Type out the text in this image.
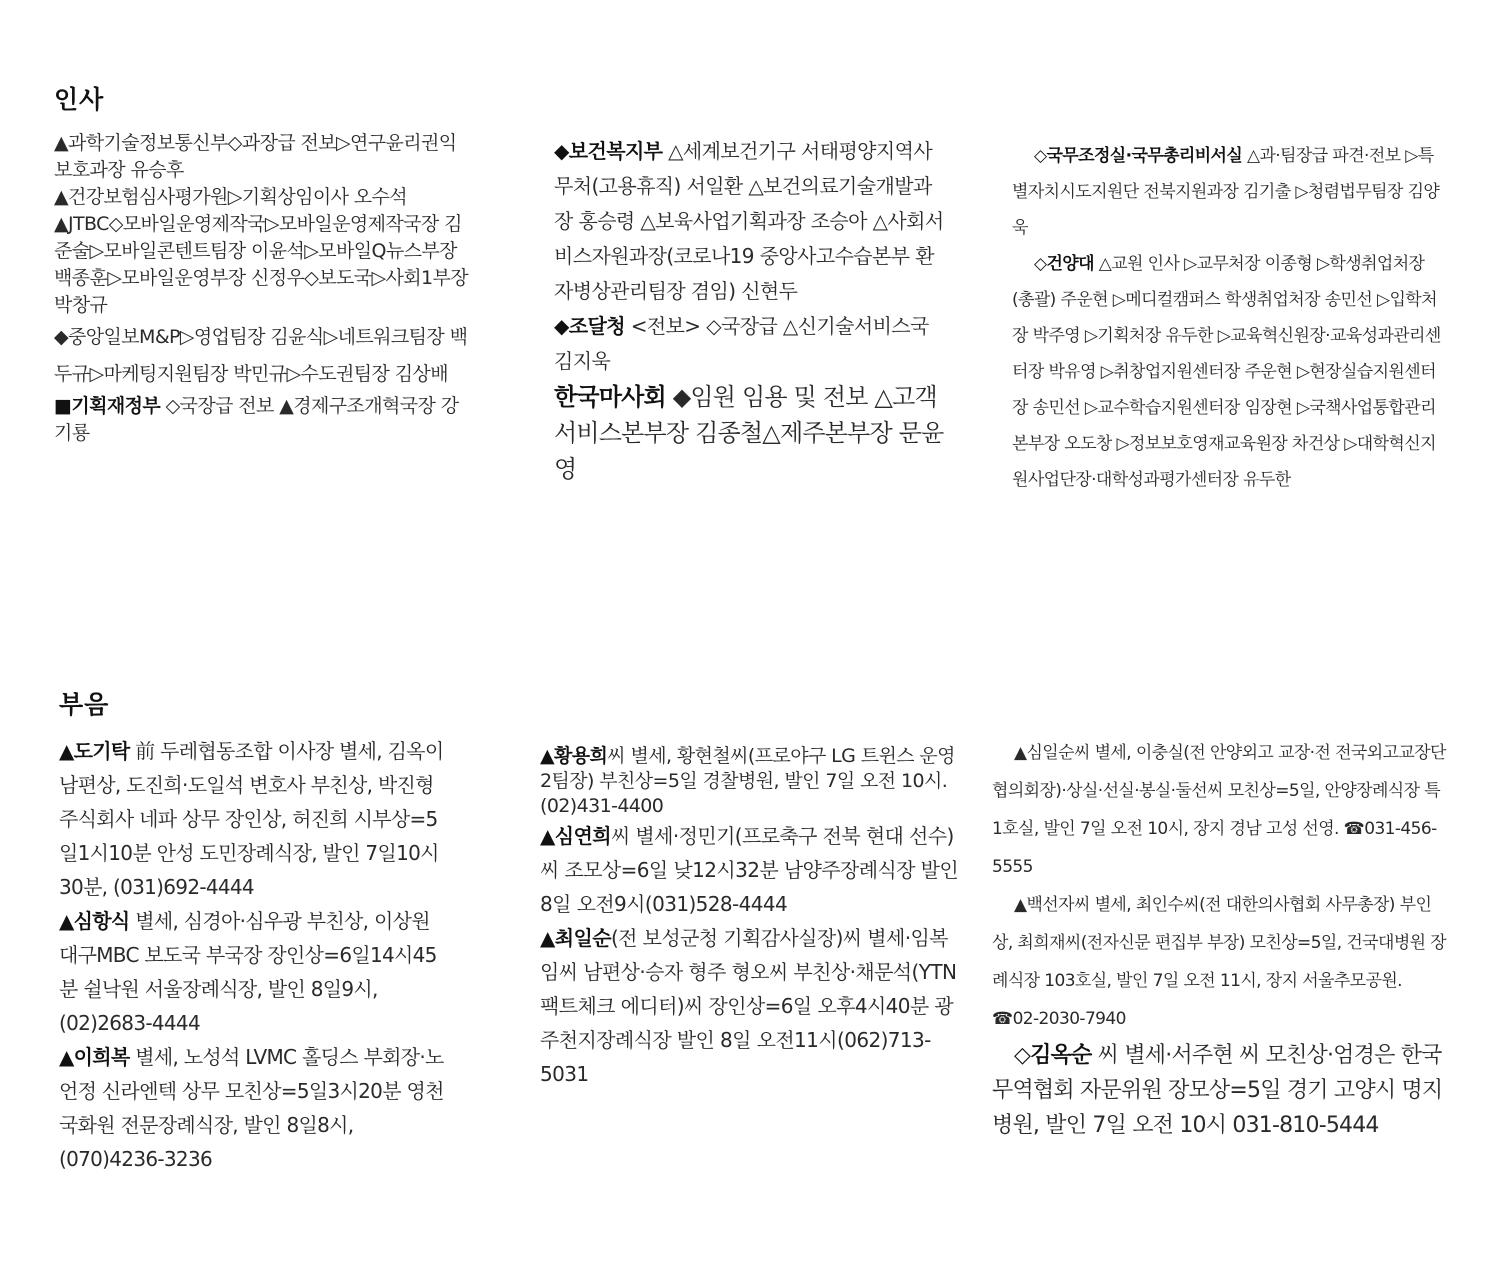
인사

▲과학기술정보통신부◇과장급 전보▷연구윤리권익보호과장 유승후

▲건강보험심사평가원▷기획상임이사 오수석

▲JTBC◇모바일운영제작국▷모바일운영제작국장 김준술▷모바일콘텐트팀장 이윤석▷모바일Q뉴스부장 백종훈▷모바일운영부장 신정우◇보도국▷사회1부장 박창규

◆중앙일보M&P▷영업팀장 김윤식▷네트워크팀장 백두규▷마케팅지원팀장 박민규▷수도권팀장 김상배

■기획재정부 ◇국장급 전보 ▲경제구조개혁국장 강기룡

◆보건복지부 △세계보건기구 서태평양지역사무처(고용휴직) 서일환 △보건의료기술개발과장 홍승령 △보육사업기획과장 조승아 △사회서비스자원과장(코로나19 중앙사고수습본부 환자병상관리팀장 겸임) 신현두

◆조달청 <전보> ◇국장급 △신기술서비스국 김지욱

한국마사회 ◆임원 임용 및 전보 △고객서비스본부장 김종철△제주본부장 문윤영

◇국무조정실·국무총리비서실 △과·팀장급 파견·전보 ▷특별자치시도지원단 전북지원과장 김기출 ▷청렴법무팀장 김양욱

◇건양대 △교원 인사 ▷교무처장 이종형 ▷학생취업처장(총괄) 주운현 ▷메디컬캠퍼스 학생취업처장 송민선 ▷입학처장 박주영 ▷기획처장 유두한 ▷교육혁신원장·교육성과관리센터장 박유영 ▷취창업지원센터장 주운현 ▷현장실습지원센터장 송민선 ▷교수학습지원센터장 임장현 ▷국책사업통합관리본부장 오도창 ▷정보보호영재교육원장 차건상 ▷대학혁신지원사업단장·대학성과평가센터장 유두한

부음

▲도기탁 前 두레협동조합 이사장 별세, 김옥이 남편상, 도진희·도일석 변호사 부친상, 박진형 주식회사 네파 상무 장인상, 허진희 시부상=5일1시10분 안성 도민장례식장, 발인 7일10시30분, (031)692-4444

▲심항식 별세, 심경아·심우광 부친상, 이상원 대구MBC 보도국 부국장 장인상=6일14시45분 쉴낙원 서울장례식장, 발인 8일9시, (02)2683-4444

▲이희복 별세, 노성석 LVMC 홀딩스 부회장·노언정 신라엔텍 상무 모친상=5일3시20분 영천 국화원 전문장례식장, 발인 8일8시, (070)4236-3236

▲황용희씨 별세, 황현철씨(프로야구 LG 트윈스 운영 2팀장) 부친상=5일 경찰병원, 발인 7일 오전 10시. (02)431-4400

▲심연희씨 별세·정민기(프로축구 전북 현대 선수)씨 조모상=6일 낮12시32분 남양주장례식장 발인 8일 오전9시(031)528-4444

▲최일순(전 보성군청 기획감사실장)씨 별세·임복임씨 남편상·승자 형주 형오씨 부친상·채문석(YTN 팩트체크 에디터)씨 장인상=6일 오후4시40분 광주천지장례식장 발인 8일 오전11시(062)713-5031

▲심일순씨 별세, 이충실(전 안양외고 교장·전 전국외고교장단협의회장)·상실·선실·봉실·둘선씨 모친상=5일, 안양장례식장 특1호실, 발인 7일 오전 10시, 장지 경남 고성 선영. ☎031-456-5555

▲백선자씨 별세, 최인수씨(전 대한의사협회 사무총장) 부인상, 최희재씨(전자신문 편집부 부장) 모친상=5일, 건국대병원 장례식장 103호실, 발인 7일 오전 11시, 장지 서울추모공원. ☎02-2030-7940

◇김옥순 씨 별세·서주현 씨 모친상·엄경은 한국무역협회 자문위원 장모상=5일 경기 고양시 명지병원, 발인 7일 오전 10시 031-810-5444
